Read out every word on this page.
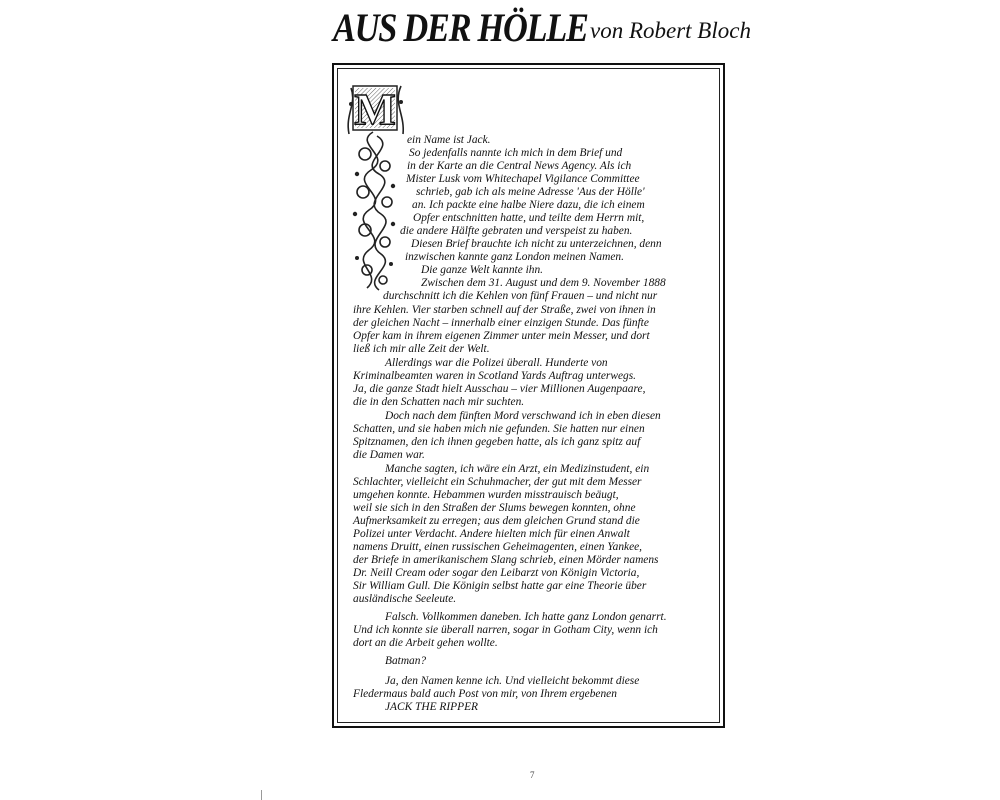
AUS DER HÖLLE von Robert Bloch
M
ein Name ist Jack.
So jedenfalls nannte ich mich in dem Brief und
in der Karte an die Central News Agency. Als ich
Mister Lusk vom Whitechapel Vigilance Committee
schrieb, gab ich als meine Adresse 'Aus der Hölle'
an. Ich packte eine halbe Niere dazu, die ich einem
Opfer entschnitten hatte, und teilte dem Herrn mit,
die andere Hälfte gebraten und verspeist zu haben.
Diesen Brief brauchte ich nicht zu unterzeichnen, denn
inzwischen kannte ganz London meinen Namen.
Die ganze Welt kannte ihn.
Zwischen dem 31. August und dem 9. November 1888
durchschnitt ich die Kehlen von fünf Frauen – und nicht nur
ihre Kehlen. Vier starben schnell auf der Straße, zwei von ihnen in
der gleichen Nacht – innerhalb einer einzigen Stunde. Das fünfte
Opfer kam in ihrem eigenen Zimmer unter mein Messer, und dort
ließ ich mir alle Zeit der Welt.
Allerdings war die Polizei überall. Hunderte von
Kriminalbeamten waren in Scotland Yards Auftrag unterwegs.
Ja, die ganze Stadt hielt Ausschau – vier Millionen Augenpaare,
die in den Schatten nach mir suchten.
Doch nach dem fünften Mord verschwand ich in eben diesen
Schatten, und sie haben mich nie gefunden. Sie hatten nur einen
Spitznamen, den ich ihnen gegeben hatte, als ich ganz spitz auf
die Damen war.
Manche sagten, ich wäre ein Arzt, ein Medizinstudent, ein
Schlachter, vielleicht ein Schuhmacher, der gut mit dem Messer
umgehen konnte. Hebammen wurden misstrauisch beäugt,
weil sie sich in den Straßen der Slums bewegen konnten, ohne
Aufmerksamkeit zu erregen; aus dem gleichen Grund stand die
Polizei unter Verdacht. Andere hielten mich für einen Anwalt
namens Druitt, einen russischen Geheimagenten, einen Yankee,
der Briefe in amerikanischem Slang schrieb, einen Mörder namens
Dr. Neill Cream oder sogar den Leibarzt von Königin Victoria,
Sir William Gull. Die Königin selbst hatte gar eine Theorie über
ausländische Seeleute.
Falsch. Vollkommen daneben. Ich hatte ganz London genarrt.
Und ich konnte sie überall narren, sogar in Gotham City, wenn ich
dort an die Arbeit gehen wollte.
Batman?
Ja, den Namen kenne ich. Und vielleicht bekommt diese
Fledermaus bald auch Post von mir, von Ihrem ergebenen
JACK THE RIPPER
7
